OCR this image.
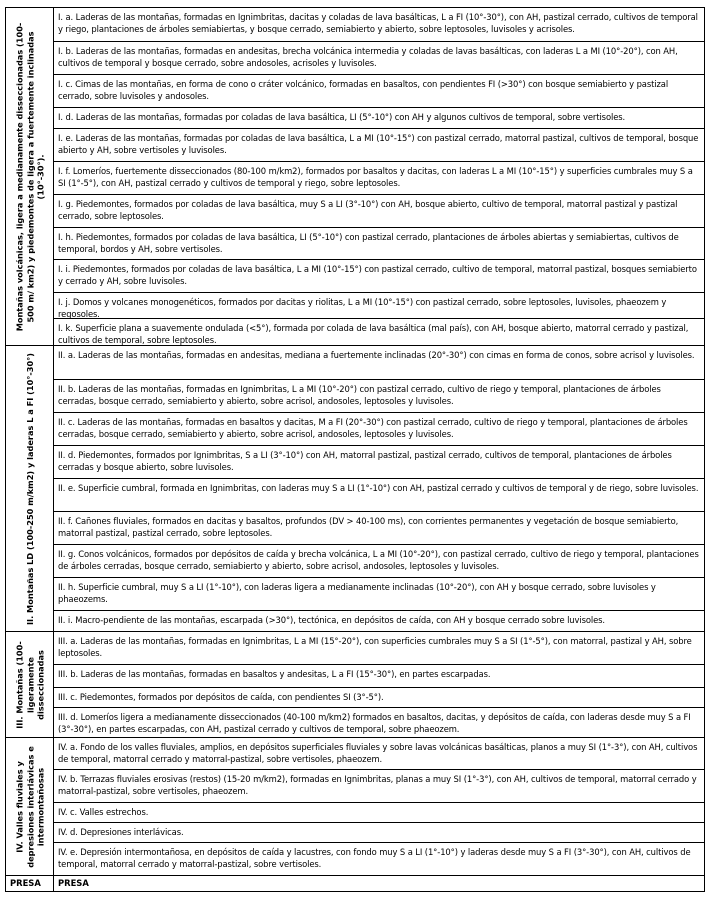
Montañas volcánicas, ligera a medianamente disseccionadas (100-500 m/ km2) y piedemontes de ligera a fuertemente inclinadas (10°-30°).
I. a. Laderas de las montañas, formadas en Ignimbritas, dacitas y coladas de lava basálticas, L a FI (10°-30°), con AH, pastizal cerrado, cultivos de temporal y riego, plantaciones de árboles semiabiertas, y bosque cerrado, semiabierto y abierto, sobre leptosoles, luvisoles y acrisoles.
I. b. Laderas de las montañas, formadas en andesitas, brecha volcánica intermedia y coladas de lavas basálticas, con laderas L a MI (10°-20°), con AH, cultivos de temporal y bosque cerrado, sobre andosoles, acrisoles y luvisoles.
I. c. Cimas de las montañas, en forma de cono o cráter volcánico, formadas en basaltos, con pendientes FI (>30°) con bosque semiabierto y pastizal cerrado, sobre luvisoles y andosoles.
I. d. Laderas de las montañas, formadas por coladas de lava basáltica, LI (5°-10°) con AH y algunos cultivos de temporal, sobre vertisoles.
I. e. Laderas de las montañas, formadas por coladas de lava basáltica, L a MI (10°-15°) con pastizal cerrado, matorral pastizal, cultivos de temporal, bosque abierto y AH, sobre vertisoles y luvisoles.
I. f. Lomeríos, fuertemente disseccionados (80-100 m/km2), formados por basaltos y dacitas, con laderas L a MI (10°-15°) y superficies cumbrales muy S a SI (1°-5°), con AH, pastizal cerrado y cultivos de temporal y riego, sobre leptosoles.
I. g. Piedemontes, formados por coladas de lava basáltica, muy S a LI (3°-10°) con AH, bosque abierto, cultivo de temporal, matorral pastizal y pastizal cerrado, sobre leptosoles.
I. h. Piedemontes, formados por coladas de lava basáltica, LI (5°-10°) con pastizal cerrado, plantaciones de árboles abiertas y semiabiertas, cultivos de temporal, bordos y AH, sobre vertisoles.
I. i. Piedemontes, formados por coladas de lava basáltica, L a MI (10°-15°) con pastizal cerrado, cultivo de temporal, matorral pastizal, bosques semiabierto y cerrado y AH, sobre luvisoles.
I. j. Domos y volcanes monogenéticos, formados por dacitas y riolitas, L a MI (10°-15°) con pastizal cerrado, sobre leptosoles, luvisoles, phaeozem y regosoles.
I. k. Superficie plana a suavemente ondulada (<5°), formada por colada de lava basáltica (mal país), con AH, bosque abierto, matorral cerrado y pastizal, cultivos de temporal, sobre leptosoles.
II. Montañas LD (100-250 m/km2) y laderas L a FI (10°-30°)	II. a. Laderas de las montañas, formadas en andesitas, mediana a fuertemente inclinadas (20°-30°) con cimas en forma de conos, sobre acrisol y luvisoles.
II. b. Laderas de las montañas, formadas en Ignimbritas, L a MI (10°-20°) con pastizal cerrado, cultivo de riego y temporal, plantaciones de árboles cerradas, bosque cerrado, semiabierto y abierto, sobre acrisol, andosoles, leptosoles y luvisoles.
II. c. Laderas de las montañas, formadas en basaltos y dacitas, M a FI (20°-30°) con pastizal cerrado, cultivo de riego y temporal, plantaciones de árboles cerradas, bosque cerrado, semiabierto y abierto, sobre acrisol, andosoles, leptosoles y luvisoles.
II. d. Piedemontes, formados por Ignimbritas, S a LI (3°-10°) con AH, matorral pastizal, pastizal cerrado, cultivos de temporal, plantaciones de árboles cerradas y bosque abierto, sobre luvisoles.
II. e. Superficie cumbral, formada en Ignimbritas, con laderas muy S a LI (1°-10°) con AH, pastizal cerrado y cultivos de temporal y de riego, sobre luvisoles.
II. f. Cañones fluviales, formados en dacitas y basaltos, profundos (DV > 40-100 ms), con corrientes permanentes y vegetación de bosque semiabierto, matorral pastizal, pastizal cerrado, sobre leptosoles.
II. g. Conos volcánicos, formados por depósitos de caída y brecha volcánica, L a MI (10°-20°), con pastizal cerrado, cultivo de riego y temporal, plantaciones de árboles cerradas, bosque cerrado, semiabierto y abierto, sobre acrisol, andosoles, leptosoles y luvisoles.
II. h. Superficie cumbral, muy S a LI (1°-10°), con laderas ligera a medianamente inclinadas (10°-20°), con AH y bosque cerrado, sobre luvisoles y phaeozems.
II. i. Macro-pendiente de las montañas, escarpada (>30°), tectónica, en depósitos de caída, con AH y bosque cerrado sobre luvisoles.
III. Montañas (100- ligeramente disseccionadas
III. a. Laderas de las montañas, formadas en Ignimbritas, L a MI (15°-20°), con superficies cumbrales muy S a SI (1°-5°), con matorral, pastizal y AH, sobre leptosoles.
III. b. Laderas de las montañas, formadas en basaltos y andesitas, L a FI (15°-30°), en partes escarpadas.
III. c. Piedemontes, formados por depósitos de caída, con pendientes SI (3°-5°).
III. d. Lomeríos ligera a medianamente disseccionados (40-100 m/km2) formados en basaltos, dacitas, y depósitos de caída, con laderas desde muy S a FI (3°-30°), en partes escarpadas, con AH, pastizal cerrado y cultivos de temporal, sobre phaeozem.
IV. Valles fluviales y depresiones interlávicas e intermontañosas
IV. a. Fondo de los valles fluviales, amplios, en depósitos superficiales fluviales y sobre lavas volcánicas basálticas, planos a muy SI (1°-3°), con AH, cultivos de temporal, matorral cerrado y matorral-pastizal, sobre vertisoles, phaeozem.
IV. b. Terrazas fluviales erosivas (restos) (15-20 m/km2), formadas en Ignimbritas, planas a muy SI (1°-3°), con AH, cultivos de temporal, matorral cerrado y matorral-pastizal, sobre vertisoles, phaeozem.
IV. c. Valles estrechos.
IV. d. Depresiones interlávicas.
IV. e. Depresión intermontañosa, en depósitos de caída y lacustres, con fondo muy S a LI (1°-10°) y laderas desde muy S a FI (3°-30°), con AH, cultivos de temporal, matorral cerrado y matorral-pastizal, sobre vertisoles.
PRESA	PRESA
